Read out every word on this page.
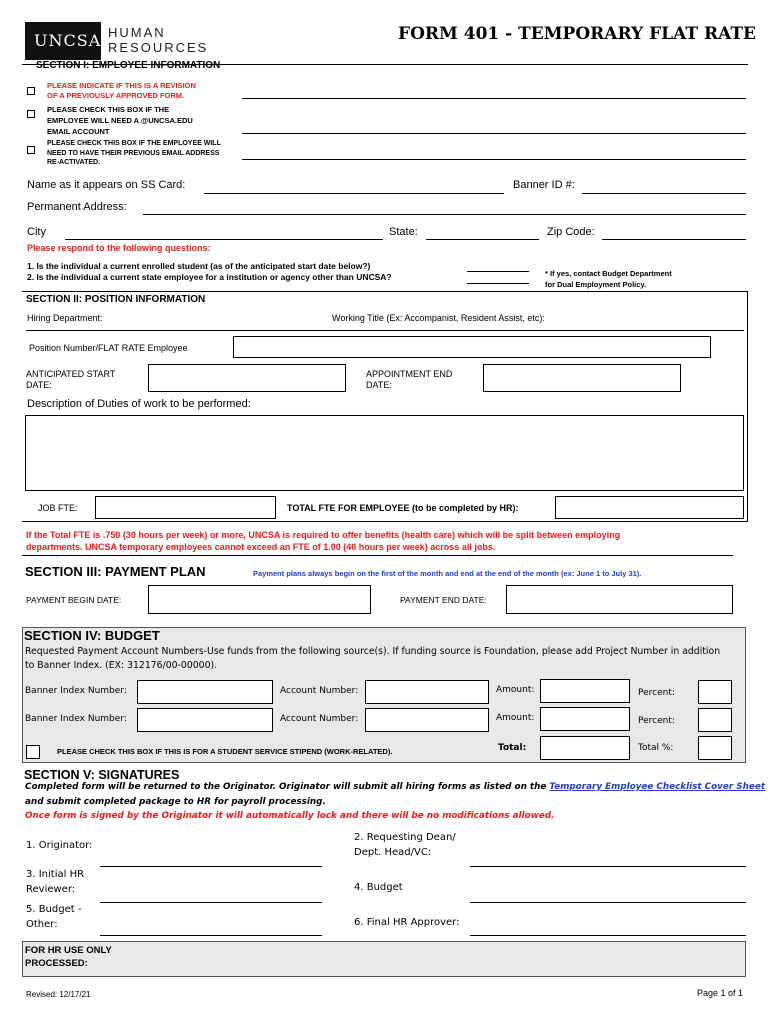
UNCSA HUMAN
RESOURCES
FORM 401 - TEMPORARY FLAT RATE
SECTION I: EMPLOYEE INFORMATION
PLEASE INDICATE IF THIS IS A REVISION
OF A PREVIOUSLY APPROVED FORM.
PLEASE CHECK THIS BOX IF THE
EMPLOYEE WILL NEED A @UNCSA.EDU
EMAIL ACCOUNT
PLEASE CHECK THIS BOX IF THE EMPLOYEE WILL
NEED TO HAVE THEIR PREVIOUS EMAIL ADDRESS
RE-ACTIVATED.
Name as it appears on SS Card:	Banner ID #:
Permanent Address:
City	State:	Zip Code:
Please respond to the following questions:
1. Is the individual a current enrolled student (as of the anticipated start date below?)
2. Is the individual a current state employee for a institution or agency other than UNCSA?	* If yes, contact Budget Department
for Dual Employment Policy.
SECTION II: POSITION INFORMATION
Hiring Department:	Working Title (Ex: Accompanist, Resident Assist, etc):
Position Number/FLAT RATE Employee
ANTICIPATED START
DATE:
APPOINTMENT END
DATE:
Description of Duties of work to be performed:
JOB FTE:	TOTAL FTE FOR EMPLOYEE (to be completed by HR):
If the Total FTE is .750 (30 hours per week) or more, UNCSA is required to offer benefits (health care) which will be split between employing
departments. UNCSA temporary employees cannot exceed an FTE of 1.00 (40 hours per week) across all jobs.
SECTION III: PAYMENT PLAN	Payment plans always begin on the first of the month and end at the end of the month (ex: June 1 to July 31).
PAYMENT BEGIN DATE:	PAYMENT END DATE:
SECTION IV: BUDGET
Requested Payment Account Numbers-Use funds from the following source(s). If funding source is Foundation, please add Project Number in addition
to Banner Index. (EX: 312176/00-00000).
Banner Index Number:	Account Number:	Amount:	Percent:
Banner Index Number:	Account Number:	Amount:	Percent:
PLEASE CHECK THIS BOX IF THIS IS FOR A STUDENT SERVICE STIPEND (WORK-RELATED).	Total:	Total %:
SECTION V: SIGNATURES
Completed form will be returned to the Originator. Originator will submit all hiring forms as listed on the Temporary Employee Checklist Cover Sheet
and submit completed package to HR for payroll processing.
Once form is signed by the Originator it will automatically lock and there will be no modifications allowed.
1. Originator:
2. Requesting Dean/
Dept. Head/VC:
3. Initial HR
Reviewer:	4. Budget
5. Budget -
Other:	6. Final HR Approver:
FOR HR USE ONLY
PROCESSED:
Revised: 12/17/21	Page 1 of 1
